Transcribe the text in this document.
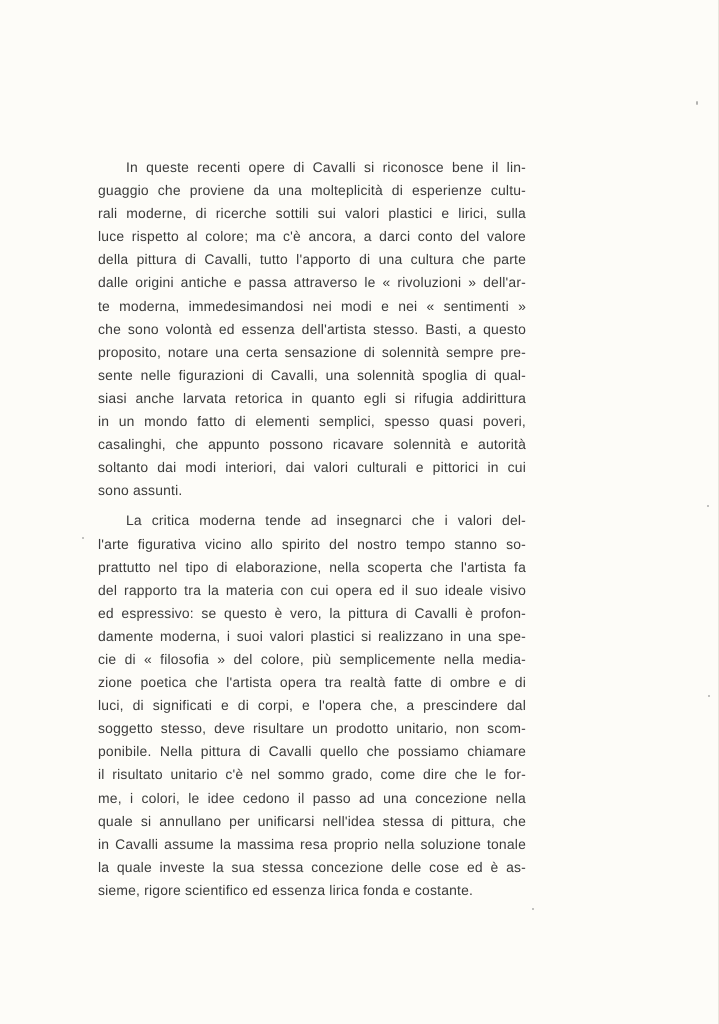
In queste recenti opere di Cavalli si riconosce bene il lin-
guaggio che proviene da una molteplicità di esperienze cultu-
rali moderne, di ricerche sottili sui valori plastici e lirici, sulla
luce rispetto al colore; ma c'è ancora, a darci conto del valore
della pittura di Cavalli, tutto l'apporto di una cultura che parte
dalle origini antiche e passa attraverso le « rivoluzioni » dell'ar-
te moderna, immedesimandosi nei modi e nei « sentimenti »
che sono volontà ed essenza dell'artista stesso. Basti, a questo
proposito, notare una certa sensazione di solennità sempre pre-
sente nelle figurazioni di Cavalli, una solennità spoglia di qual-
siasi anche larvata retorica in quanto egli si rifugia addirittura
in un mondo fatto di elementi semplici, spesso quasi poveri,
casalinghi, che appunto possono ricavare solennità e autorità
soltanto dai modi interiori, dai valori culturali e pittorici in cui
sono assunti.
La critica moderna tende ad insegnarci che i valori del-
l'arte figurativa vicino allo spirito del nostro tempo stanno so-
prattutto nel tipo di elaborazione, nella scoperta che l'artista fa
del rapporto tra la materia con cui opera ed il suo ideale visivo
ed espressivo: se questo è vero, la pittura di Cavalli è profon-
damente moderna, i suoi valori plastici si realizzano in una spe-
cie di « filosofia » del colore, più semplicemente nella media-
zione poetica che l'artista opera tra realtà fatte di ombre e di
luci, di significati e di corpi, e l'opera che, a prescindere dal
soggetto stesso, deve risultare un prodotto unitario, non scom-
ponibile. Nella pittura di Cavalli quello che possiamo chiamare
il risultato unitario c'è nel sommo grado, come dire che le for-
me, i colori, le idee cedono il passo ad una concezione nella
quale si annullano per unificarsi nell'idea stessa di pittura, che
in Cavalli assume la massima resa proprio nella soluzione tonale
la quale investe la sua stessa concezione delle cose ed è as-
sieme, rigore scientifico ed essenza lirica fonda e costante.
